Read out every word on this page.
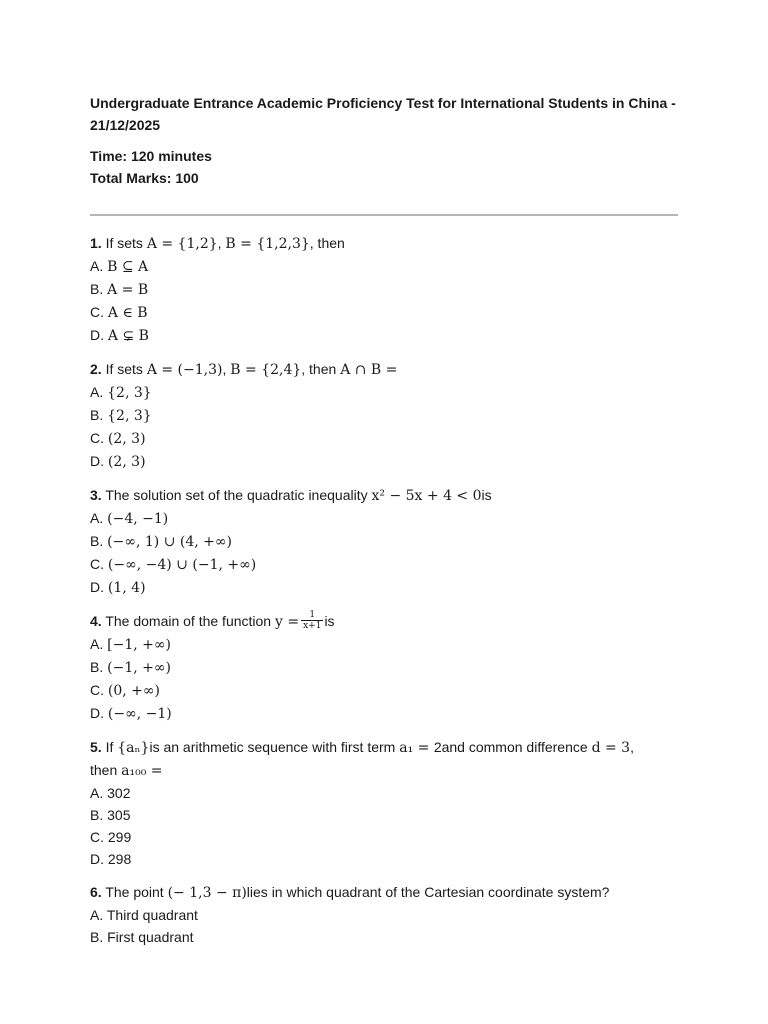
Undergraduate Entrance Academic Proficiency Test for International Students in China - 21/12/2025

Time: 120 minutes
Total Marks: 100
1. If sets A = {1,2}, B = {1,2,3}, then
A. B ⊆ A
B. A = B
C. A ∈ B
D. A ⊊ B
2. If sets A = (−1,3), B = {2,4}, then A ∩ B =
A. {2‚ 3}
B. {2‚ 3}
C. (2‚ 3)
D. (2‚ 3)
3. The solution set of the quadratic inequality x² − 5x + 4 < 0is
A. (−4, −1)
B. (−∞, 1) ∪ (4, +∞)
C. (−∞, −4) ∪ (−1, +∞)
D. (1‚ 4)
4. The domain of the function $y = \frac{1}{x+1}$ is
A. [−1, +∞)
B. (−1, +∞)
C. (0, +∞)
D. (−∞, −1)
5. If {aₙ}is an arithmetic sequence with first term a₁ = 2and common difference d = 3,
then a₁₀₀ =
A. 302
B. 305
C. 299
D. 298
6. The point (− 1,3 − π)lies in which quadrant of the Cartesian coordinate system?
A. Third quadrant
B. First quadrant
